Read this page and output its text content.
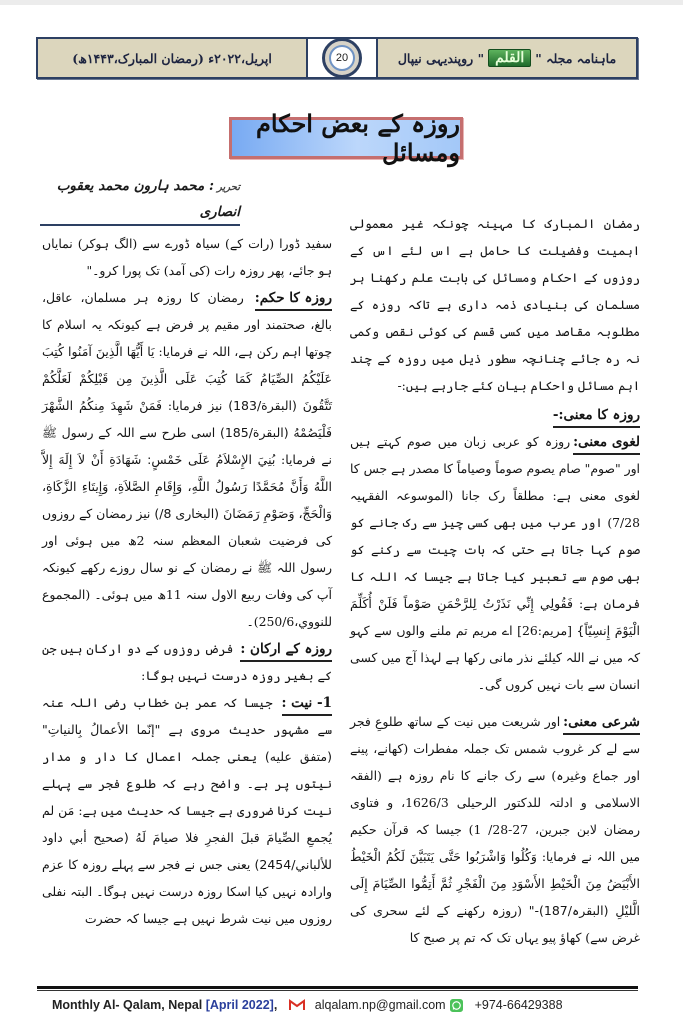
اپریل،۲۰۲۲ء (رمضان المبارک،۱۴۴۳ھ)	20	ماہنامہ مجلہ "
القلم
" روپندیہی نیپال
روزہ کے بعض احکام ومسائل
تحریر: محمد ہارون محمد یعقوب انصاری

رمضان المبارک کا مہینہ چونکہ غیر معمولی اہمیت وفضیلت کا حامل ہے اس لئے اس کے روزوں کے احکام ومسائل کی بابت علم رکھنا ہر مسلمان کی بنیادی ذمہ داری ہے تاکہ روزہ کے مطلوبہ مقاصد میں کسی قسم کی کوئی نقص وکمی نہ رہ جائے چنانچہ سطور ذیل میں روزہ کے چند اہم مسائل واحکام بیان کئے جارہے ہیں:-

روزہ کا معنی:-

لغوی معنی:روزہ کو عربی زبان میں صوم کہتے ہیں اور "صوم" صام یصوم صوماً وصیاماً کا مصدر ہے جس کا لغوی معنی ہے: مطلقاً رک جانا (الموسوعہ الفقہیہ 7/28) اور عرب میں بھی کسی چیز سے رک جانے کو صوم کہا جاتا ہے حتی کہ بات چیت سے رکنے کو بھی صوم سے تعبیر کیا جاتا ہے جیسا کہ اللہ کا فرمان ہے: فَقُولِي إِنِّي نَذَرْتُ لِلرَّحْمَنِ صَوْماً فَلَنْ أُكَلِّمَ الْيَوْمَ إِنسِيّاً} [مریم:26] اے مریم تم ملنے والوں سے کہو کہ میں نے اللہ کیلئے نذر مانی رکھا ہے لہذا آج میں کسی انسان سے بات نہیں کروں گی۔

شرعی معنی:اور شریعت میں نیت کے ساتھ طلوعِ فجر سے لے کر غروب شمس تک جملہ مفطرات (کھانے، پینے اور جماع وغیرہ) سے رک جانے کا نام روزہ ہے (الفقہ الاسلامی و ادلتہ للدکتور الرحیلی 1626/3، و فتاوی رمضان لابن جبرین، 27-28/ 1) جیسا کہ قرآن حکیم میں اللہ نے فرمایا: وَكُلُوا وَاشْرَبُوا حَتَّى يَتَبَيَّنَ لَكُمُ الْخَيْطُ الأَبْيَضُ مِنَ الْخَيْطِ الأَسْوَدِ مِنَ الْفَجْرِ ثُمَّ أَتِمُّوا الصِّيَامَ إِلَى الَّليْلِ (البقرہ/187)-" (روزہ رکھنے کے لئے سحری کی غرض سے) کھاؤ پیو یہاں تک کہ تم پر صبح کا

سفید ڈورا (رات کے) سیاہ ڈورے سے (الگ ہوکر) نمایاں ہو جائے، پھر روزہ رات (کی آمد) تک پورا کرو۔"

روزہ کا حکم: رمضان کا روزہ ہر مسلمان، عاقل، بالغ، صحتمند اور مقیم پر فرض ہے کیونکہ یہ اسلام کا چوتھا اہم رکن ہے، اللہ نے فرمایا: يَا أَيُّهَا الَّذِينَ آمَنُوا كُتِبَ عَلَيْكُمُ الصِّيَامُ كَمَا كُتِبَ عَلَى الَّذِينَ مِن قَبْلِكُمْ لَعَلَّكُمْ تَتَّقُونَ (البقرة/183) نیز فرمایا: فَمَنْ شَهِدَ مِنكُمُ الشَّهْرَ فَلْيَصُمْهُ (البقرة/185) اسی طرح سے اللہ کے رسول ﷺ نے فرمایا: بُنِيَ الإِسْلاَمُ عَلَى خَمْسٍ: شَهَادَةِ أَنْ لاَ إِلَهَ إِلاَّ اللَّهُ وَأَنَّ مُحَمَّدًا رَسُولُ اللَّهِ، وَإِقَامِ الصَّلاَةِ، وَإِيتَاءِ الزَّكَاةِ، وَالْحَجِّ، وَصَوْمِ رَمَضَانَ (البخاری 8/) نیز رمضان کے روزوں کی فرضیت شعبان المعظم سنہ 2ھ میں ہوئی اور رسول اللہ ﷺ نے رمضان کے نو سال روزے رکھے کیونکہ آپ کی وفات ربیع الاول سنہ 11ھ میں ہوئی۔ (المجموع للنووي،250/6)۔

روزہ کے ارکان : فرض روزوں کے دو ارکان ہیں جن کے بغیر روزہ درست نہیں ہوگا:

1- نیت : جیسا کہ عمر بن خطاب رضی اللہ عنہ سے مشہور حدیث مروی ہے "إنّما الأعمالُ بِالنياتِ" (متفق عليه) یعنی جملہ اعمال کا دار و مدار نیتوں پر ہے۔ واضح رہے کہ طلوع فجر سے پہلے نیت کرنا ضروری ہے جیسا کہ حدیث میں ہے: مَن لم يُجمعِ الصِّيامَ قبلَ الفجرِ فلا صيامَ لَهُ (صحيح أبي داود للألباني/2454) یعنی جس نے فجر سے پہلے روزہ کا عزم وارادہ نہیں کیا اسکا روزہ درست نہیں ہوگا۔ البتہ نفلی روزوں میں نیت شرط نہیں ہے جیسا کہ حضرت

Monthly Al- Qalam, Nepal [April 2022] ,	alqalam.np@gmail.com +974-66429388
